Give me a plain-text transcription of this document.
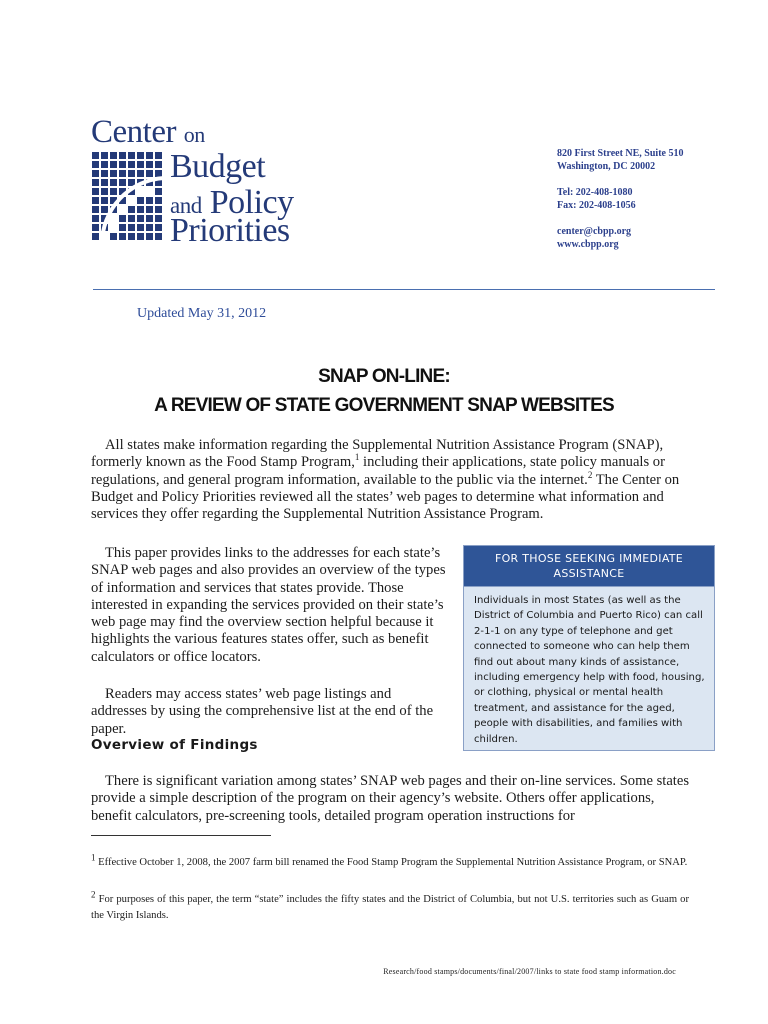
Center on
Budget
and Policy
Priorities
820 First Street NE, Suite 510
Washington, DC 20002
Tel: 202-408-1080
Fax: 202-408-1056
center@cbpp.org
www.cbpp.org
Updated May 31, 2012
SNAP ON-LINE:
A REVIEW OF STATE GOVERNMENT SNAP WEBSITES
All states make information regarding the Supplemental Nutrition Assistance Program (SNAP), formerly known as the Food Stamp Program,$^1$ including their applications, state policy manuals or regulations, and general program information, available to the public via the internet.$^2$ The Center on Budget and Policy Priorities reviewed all the states’ web pages to determine what information and services they offer regarding the Supplemental Nutrition Assistance Program.
This paper provides links to the addresses for each state’s SNAP web pages and also provides an overview of the types of information and services that states provide. Those interested in expanding the services provided on their state’s web page may find the overview section helpful because it highlights the various features states offer, such as benefit calculators or office locators.
Readers may access states’ web page listings and addresses by using the comprehensive list at the end of the paper.
FOR THOSE SEEKING IMMEDIATE ASSISTANCE
Individuals in most States (as well as the District of Columbia and Puerto Rico) can call 2-1-1 on any type of telephone and get connected to someone who can help them find out about many kinds of assistance, including emergency help with food, housing, or clothing, physical or mental health treatment, and assistance for the aged, people with disabilities, and families with children.
Overview of Findings
There is significant variation among states’ SNAP web pages and their on-line services. Some states provide a simple description of the program on their agency’s website. Others offer applications, benefit calculators, pre-screening tools, detailed program operation instructions for
$^1$ Effective October 1, 2008, the 2007 farm bill renamed the Food Stamp Program the Supplemental Nutrition Assistance Program, or SNAP.
$^2$ For purposes of this paper, the term “state” includes the fifty states and the District of Columbia, but not U.S. territories such as Guam or the Virgin Islands.
Research/food stamps/documents/final/2007/links to state food stamp information.doc
